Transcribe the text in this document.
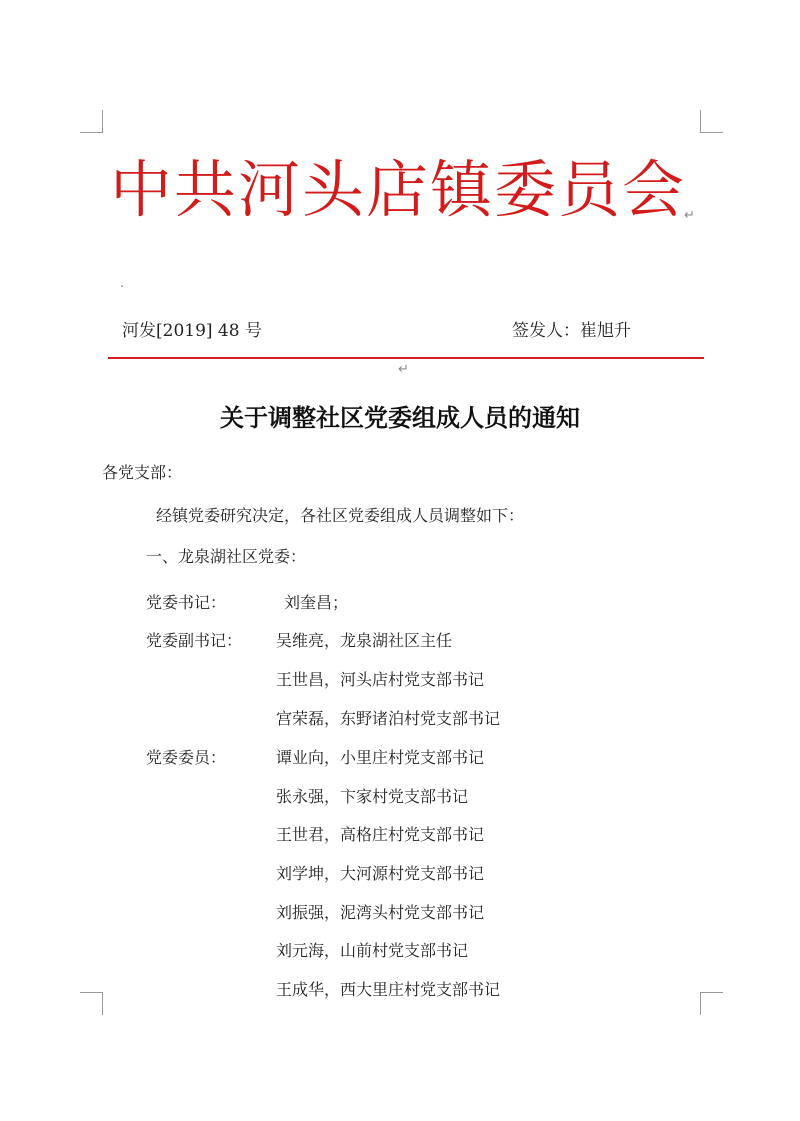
中共河头店镇委员会
↵
·
河发[2019] 48 号	签发人：崔旭升
↵
关于调整社区党委组成人员的通知
各党支部：
经镇党委研究决定，各社区党委组成人员调整如下：
一、龙泉湖社区党委：
党委书记：	刘奎昌；
党委副书记： 吴维亮，龙泉湖社区主任
王世昌，河头店村党支部书记
宫荣磊，东野诸泊村党支部书记
党委委员：	谭业向，小里庄村党支部书记
张永强，卞家村党支部书记
王世君，高格庄村党支部书记
刘学坤，大河源村党支部书记
刘振强，泥湾头村党支部书记
刘元海，山前村党支部书记
王成华，西大里庄村党支部书记
